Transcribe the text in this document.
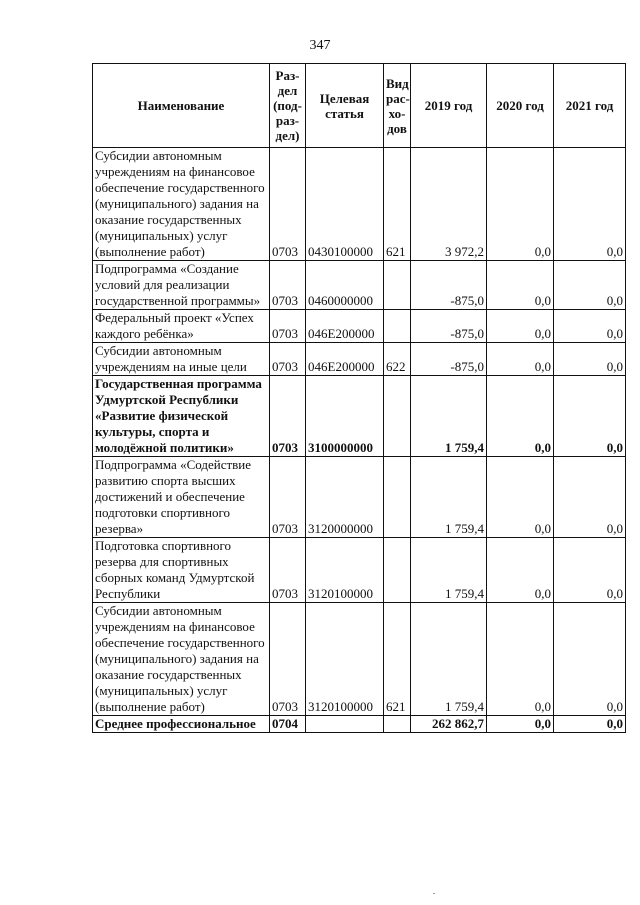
347
Наименование	Раз-дел (под-раз-дел)	Целевая статья	Вид рас-хо-дов	2019 год	2020 год	2021 год
Субсидии автономным учреждениям на финансовое обеспечение государственного (муниципального) задания на оказание государственных (муниципальных) услуг (выполнение работ)	0703	0430100000	621	3 972,2	0,0	0,0
Подпрограмма «Создание условий для реализации государственной программы»	0703	0460000000		-875,0	0,0	0,0
Федеральный проект «Успех каждого ребёнка»	0703	046E200000		-875,0	0,0	0,0
Субсидии автономным учреждениям на иные цели	0703	046E200000	622	-875,0	0,0	0,0
Государственная программа Удмуртской Республики «Развитие физической культуры, спорта и молодёжной политики»	0703	3100000000		1 759,4	0,0	0,0
Подпрограмма «Содействие развитию спорта высших достижений и обеспечение подготовки спортивного резерва»	0703	3120000000		1 759,4	0,0	0,0
Подготовка спортивного резерва для спортивных сборных команд Удмуртской Республики	0703	3120100000		1 759,4	0,0	0,0
Субсидии автономным учреждениям на финансовое обеспечение государственного (муниципального) задания на оказание государственных (муниципальных) услуг (выполнение работ)	0703	3120100000	621	1 759,4	0,0	0,0
Среднее профессиональное	0704			262 862,7	0,0	0,0
